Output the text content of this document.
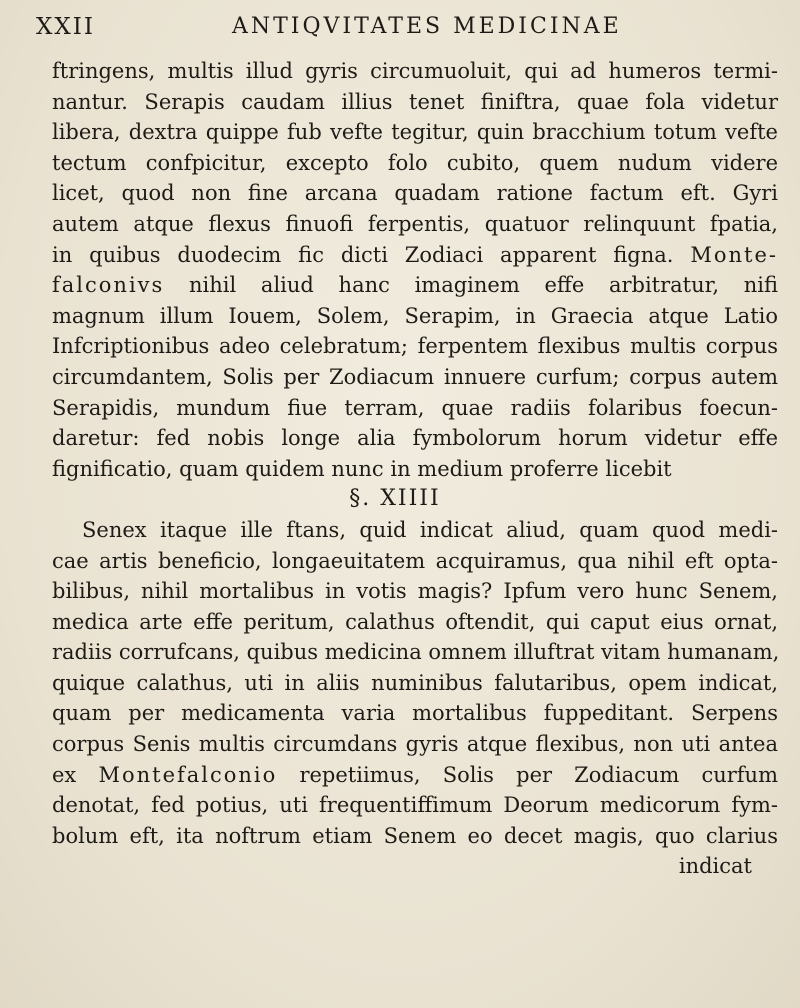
XXII	ANTIQVITATES MEDICINAE
ftringens, multis illud gyris circumuoluit, qui ad humeros termi-
nantur. Serapis caudam illius tenet finiftra, quae fola videtur
libera, dextra quippe fub vefte tegitur, quin bracchium totum vefte
tectum confpicitur, excepto folo cubito, quem nudum videre
licet, quod non fine arcana quadam ratione factum eft. Gyri
autem atque flexus finuofi ferpentis, quatuor relinquunt fpatia,
in quibus duodecim fic dicti Zodiaci apparent figna. Monte-
falconivs nihil aliud hanc imaginem effe arbitratur, nifi
magnum illum Iouem, Solem, Serapim, in Graecia atque Latio
Infcriptionibus adeo celebratum; ferpentem flexibus multis corpus
circumdantem, Solis per Zodiacum innuere curfum; corpus autem
Serapidis, mundum fiue terram, quae radiis folaribus foecun-
daretur: fed nobis longe alia fymbolorum horum videtur effe
fignificatio, quam quidem nunc in medium proferre licebit
§. XIIII
Senex itaque ille ftans, quid indicat aliud, quam quod medi-
cae artis beneficio, longaeuitatem acquiramus, qua nihil eft opta-
bilibus, nihil mortalibus in votis magis? Ipfum vero hunc Senem,
medica arte effe peritum, calathus oftendit, qui caput eius ornat,
radiis corrufcans, quibus medicina omnem illuftrat vitam humanam,
quique calathus, uti in aliis numinibus falutaribus, opem indicat,
quam per medicamenta varia mortalibus fuppeditant. Serpens
corpus Senis multis circumdans gyris atque flexibus, non uti antea
ex Montefalconio repetiimus, Solis per Zodiacum curfum
denotat, fed potius, uti frequentiffimum Deorum medicorum fym-
bolum eft, ita noftrum etiam Senem eo decet magis, quo clarius
indicat
